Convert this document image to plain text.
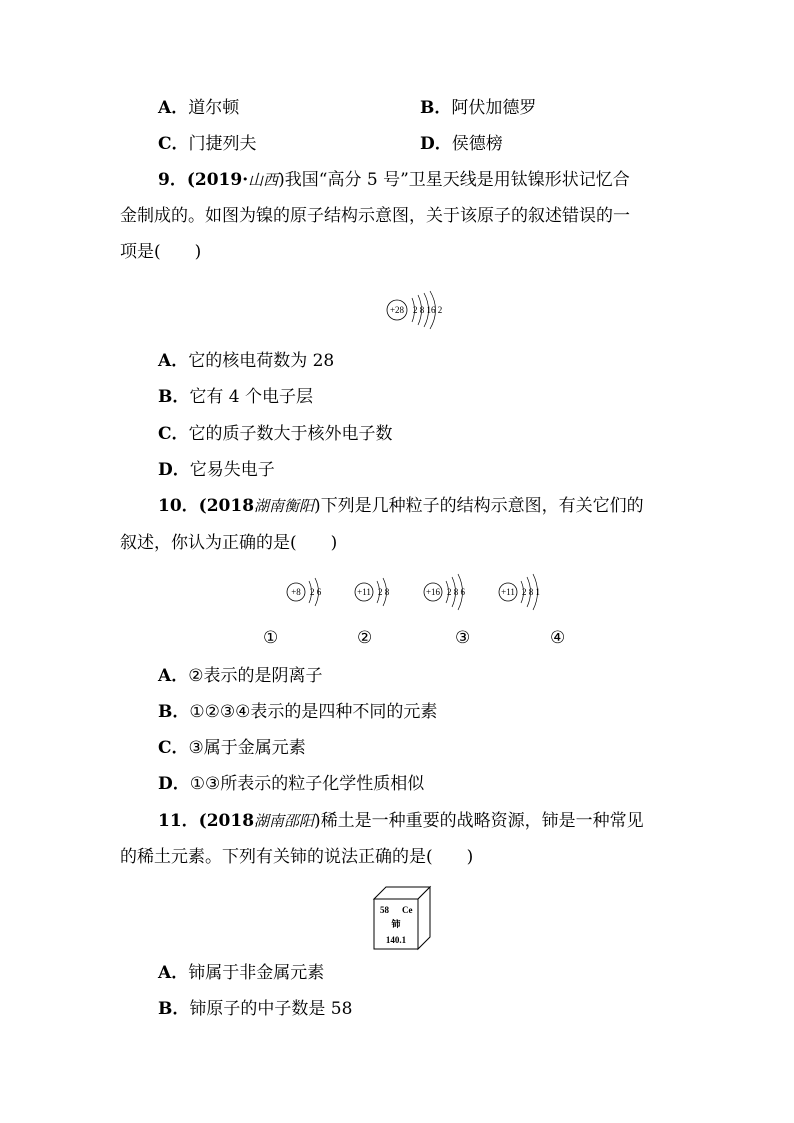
A．道尔顿	B．阿伏加德罗
C．门捷列夫	D．侯德榜
9．(2019·山西)我国“高分 5 号”卫星天线是用钛镍形状记忆合
金制成的。如图为镍的原子结构示意图，关于该原子的叙述错误的一
项是(　　)
+28 2 8 16 2
A．它的核电荷数为 28
B．它有 4 个电子层
C．它的质子数大于核外电子数
D．它易失电子
10．(2018湖南衡阳)下列是几种粒子的结构示意图，有关它们的
叙述，你认为正确的是(　　)
+8 2 6	+11 2 8	+16 2 8 6	+11 2 8 1
①	②	③	④
A．②表示的是阴离子
B．①②③④表示的是四种不同的元素
C．③属于金属元素
D．①③所表示的粒子化学性质相似
11．(2018湖南邵阳)稀土是一种重要的战略资源，铈是一种常见
的稀土元素。下列有关铈的说法正确的是(　　)
58 Ce
铈
140.1
A．铈属于非金属元素
B．铈原子的中子数是 58
